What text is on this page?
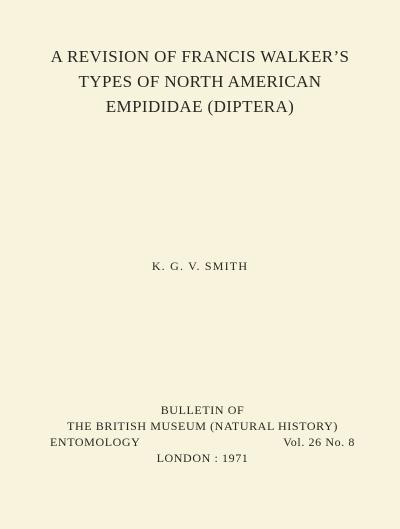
A REVISION OF FRANCIS WALKER’S
TYPES OF NORTH AMERICAN
EMPIDIDAE (DIPTERA)
K. G. V. SMITH
BULLETIN OF
THE BRITISH MUSEUM (NATURAL HISTORY)
ENTOMOLOGY	Vol. 26 No. 8
LONDON : 1971
